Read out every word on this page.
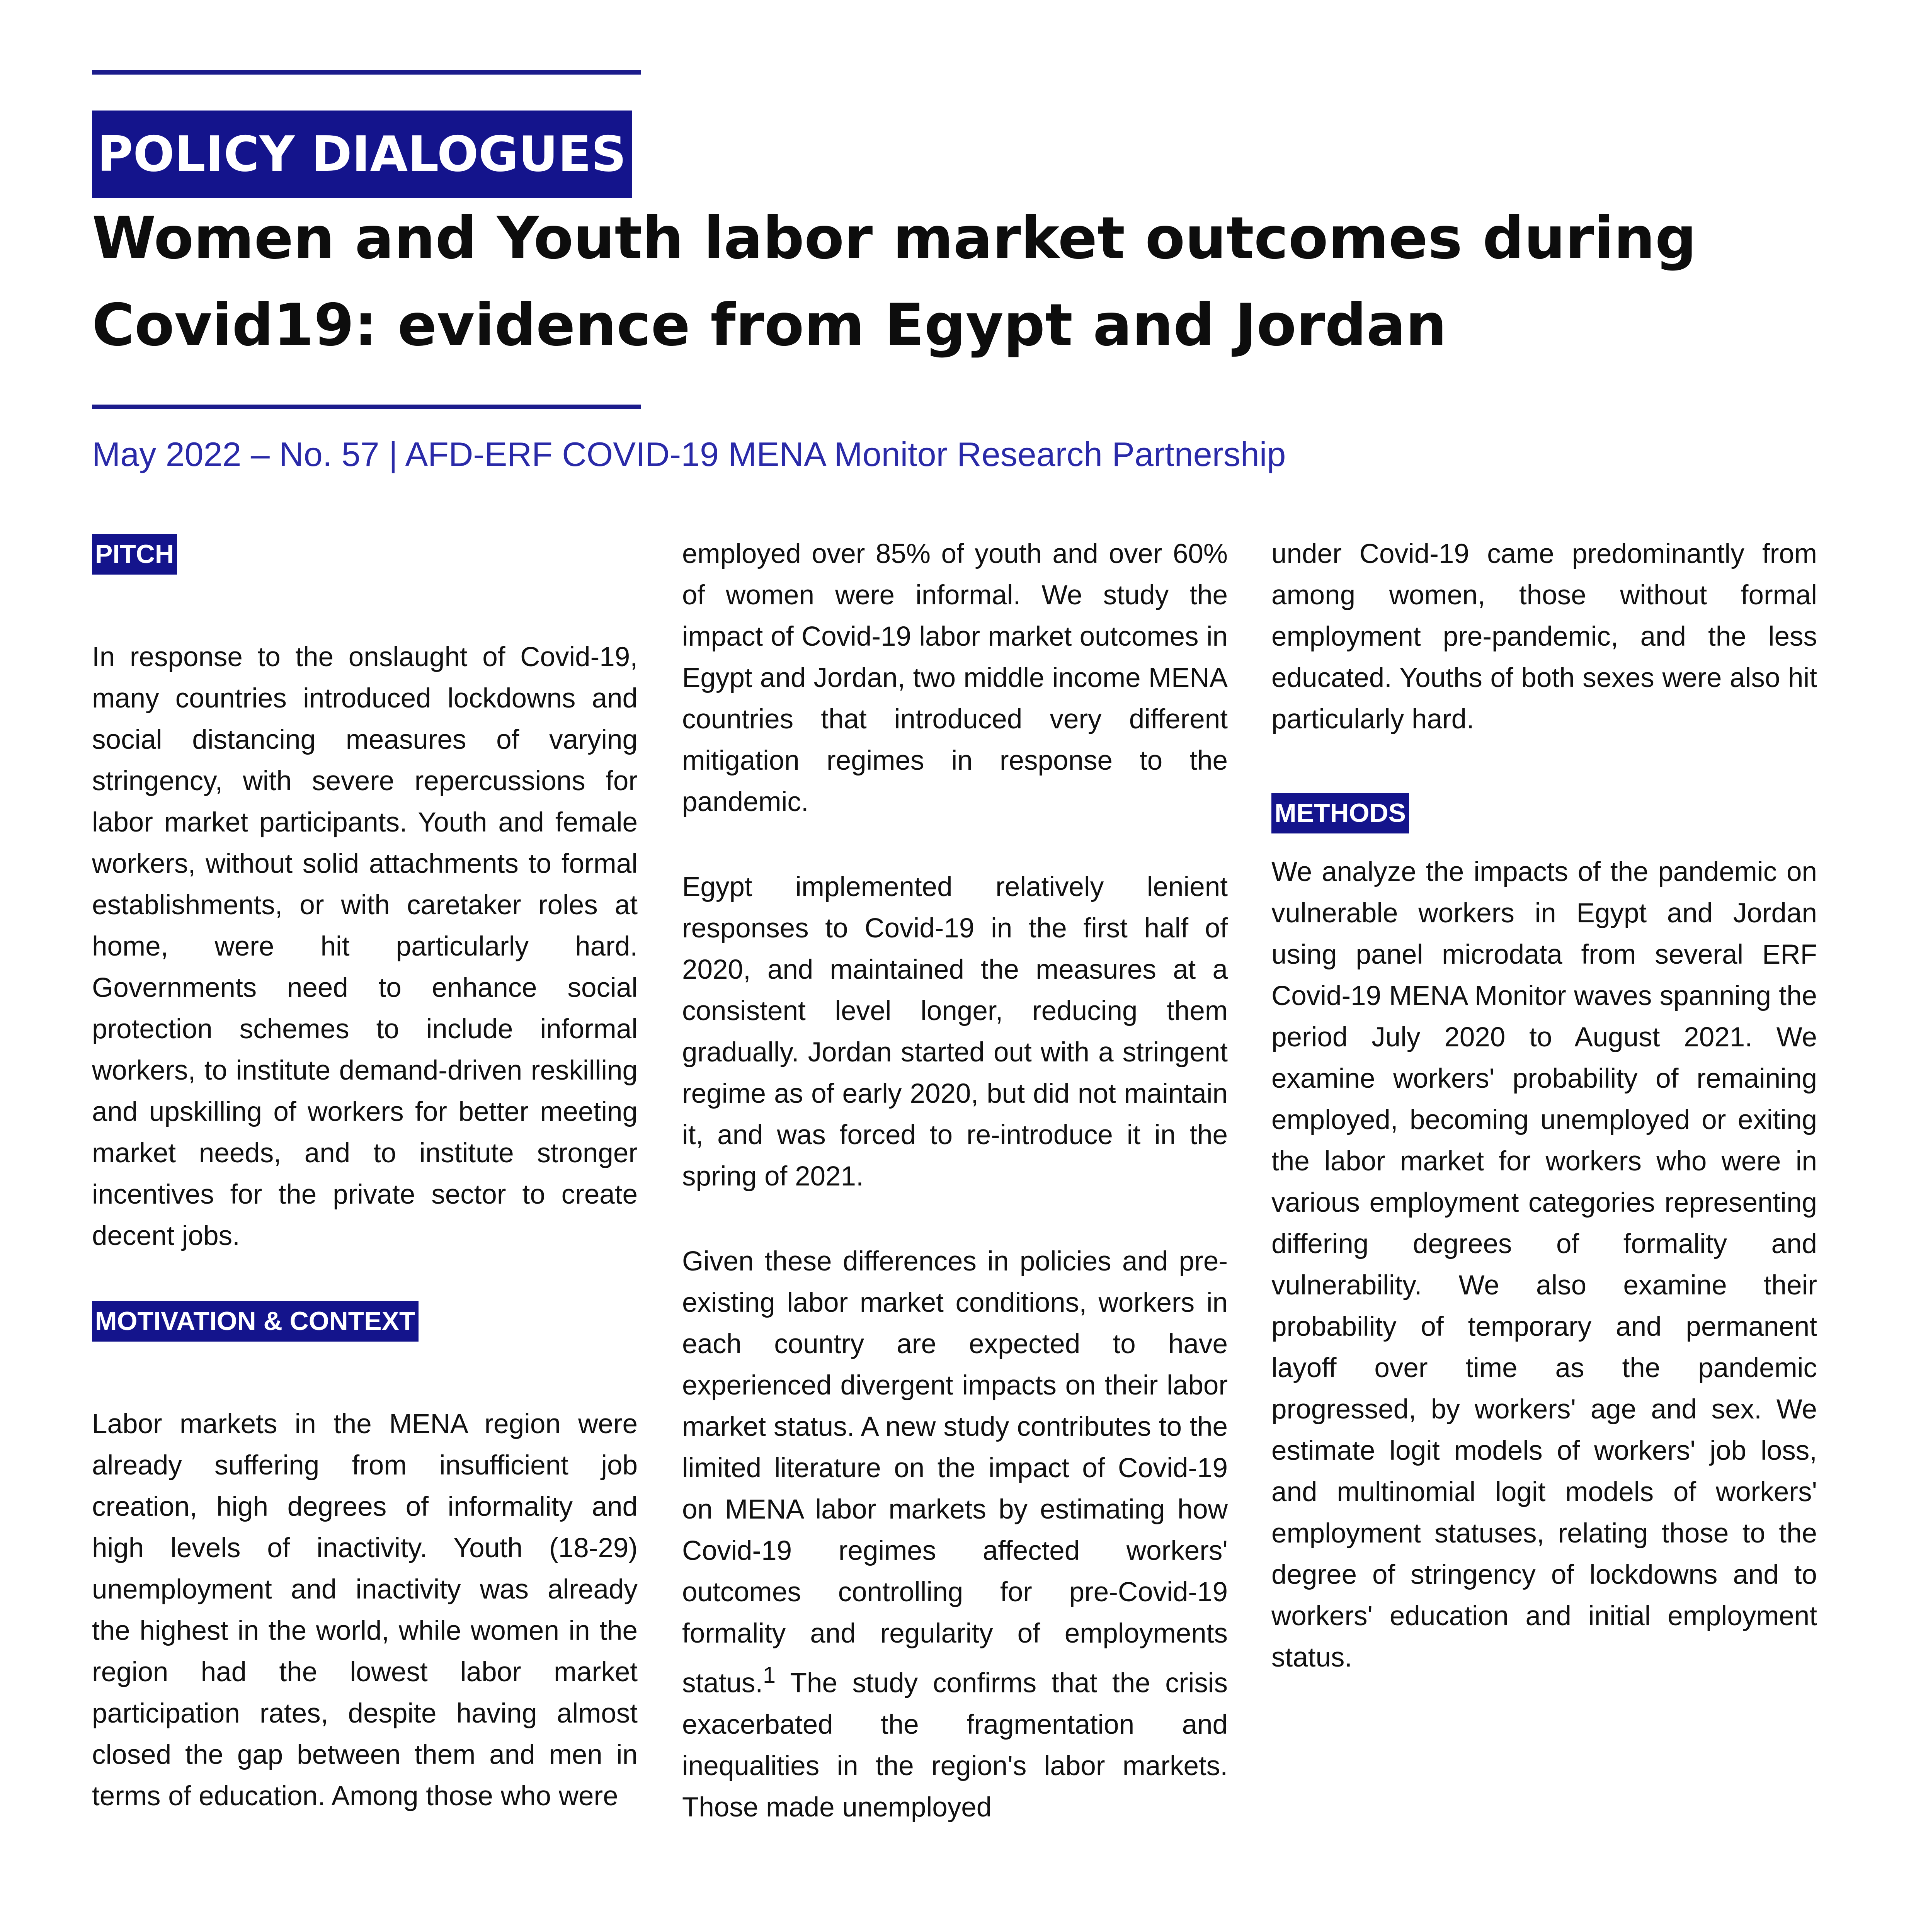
POLICY DIALOGUES
Women and Youth labor market outcomes during Covid19: evidence from Egypt and Jordan
May 2022 – No. 57 | AFD-ERF COVID-19 MENA Monitor Research Partnership
PITCH

In response to the onslaught of Covid-19, many countries introduced lockdowns and social distancing measures of varying stringency, with severe repercussions for labor market participants. Youth and female workers, without solid attachments to formal establishments, or with caretaker roles at home, were hit particularly hard. Governments need to enhance social protection schemes to include informal workers, to institute demand-driven reskilling and upskilling of workers for better meeting market needs, and to institute stronger incentives for the private sector to create decent jobs.

MOTIVATION & CONTEXT

Labor markets in the MENA region were already suffering from insufficient job creation, high degrees of informality and high levels of inactivity. Youth (18-29) unemployment and inactivity was already the highest in the world, while women in the region had the lowest labor market participation rates, despite having almost closed the gap between them and men in terms of education. Among those who were

employed over 85% of youth and over 60% of women were informal. We study the impact of Covid-19 labor market outcomes in Egypt and Jordan, two middle income MENA countries that introduced very different mitigation regimes in response to the pandemic.

Egypt implemented relatively lenient responses to Covid-19 in the first half of 2020, and maintained the measures at a consistent level longer, reducing them gradually. Jordan started out with a stringent regime as of early 2020, but did not maintain it, and was forced to re-introduce it in the spring of 2021.

Given these differences in policies and pre-existing labor market conditions, workers in each country are expected to have experienced divergent impacts on their labor market status. A new study contributes to the limited literature on the impact of Covid-19 on MENA labor markets by estimating how Covid-19 regimes affected workers' outcomes controlling for pre-Covid-19 formality and regularity of employments status.$^1$ The study confirms that the crisis exacerbated the fragmentation and inequalities in the region's labor markets. Those made unemployed

under Covid-19 came predominantly from among women, those without formal employment pre-pandemic, and the less educated. Youths of both sexes were also hit particularly hard.

METHODS

We analyze the impacts of the pandemic on vulnerable workers in Egypt and Jordan using panel microdata from several ERF Covid-19 MENA Monitor waves spanning the period July 2020 to August 2021. We examine workers' probability of remaining employed, becoming unemployed or exiting the labor market for workers who were in various employment categories representing differing degrees of formality and vulnerability. We also examine their probability of temporary and permanent layoff over time as the pandemic progressed, by workers' age and sex. We estimate logit models of workers' job loss, and multinomial logit models of workers' employment statuses, relating those to the degree of stringency of lockdowns and to workers' education and initial employment status.
